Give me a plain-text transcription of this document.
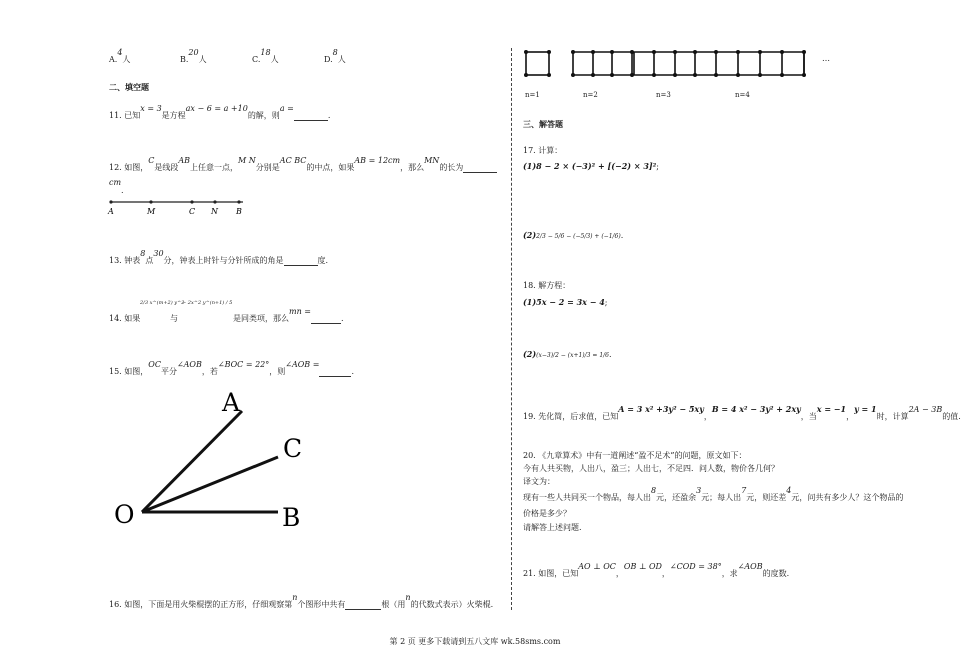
A.4人	B.20人	C.18人	D.8人
二、填空题
11. 已知x = 3是方程ax − 6 = a +10的解，则a =.
12. 如图，C是线段AB上任意一点，M N分别是AC BC的中点，如果AB = 12cm，那么MN的长为
cm
.
A	M	C N B
13. 钟表8点30分，钟表上时针与分针所成的角是	度.
14. 如果
2/3 x^(m+2) y^2
与
− 2x^2 y^(n+1) / 5
是同类项，那么mn =.
15. 如图，OC平分∠AOB，若∠BOC = 22°，则∠AOB =.
A
C
O	B
16. 如图，下面是用火柴棍摆的正方形，仔细观察第n个图形中共有	根（用n的代数式表示）火柴棍.
…
n=1	n=2	n=3	n=4
三、解答题
17. 计算：
(1)8 − 2 × (−3)² + [(−2) × 3]²;
(2)2/3 − 5/6 − (−5/3) + (−1/6).
18. 解方程：
(1)5x − 2 = 3x − 4;
(2)(x−3)/2 − (x+1)/3 = 1/6.
19. 先化简，后求值，已知A = 3 x² +3y² − 5xy，B = 4 x² − 3y² + 2xy，当x = −1，y = 1时，计算2A − 3B的值.
20. 《九章算术》中有一道阐述“盈不足术”的问题，原文如下：
今有人共买物，人出八，盈三；人出七，不足四．问人数，物价各几何？
译文为：
现有一些人共同买一个物品，每人出8元，还盈余3元；每人出7元，则还差4元，问共有多少人？这个物品的
价格是多少？
请解答上述问题.
21. 如图，已知AO ⊥ OC，OB ⊥ OD，∠COD = 38°，求∠AOB的度数.
第 2 页 更多下载请到五八文库 wk.58sms.com
